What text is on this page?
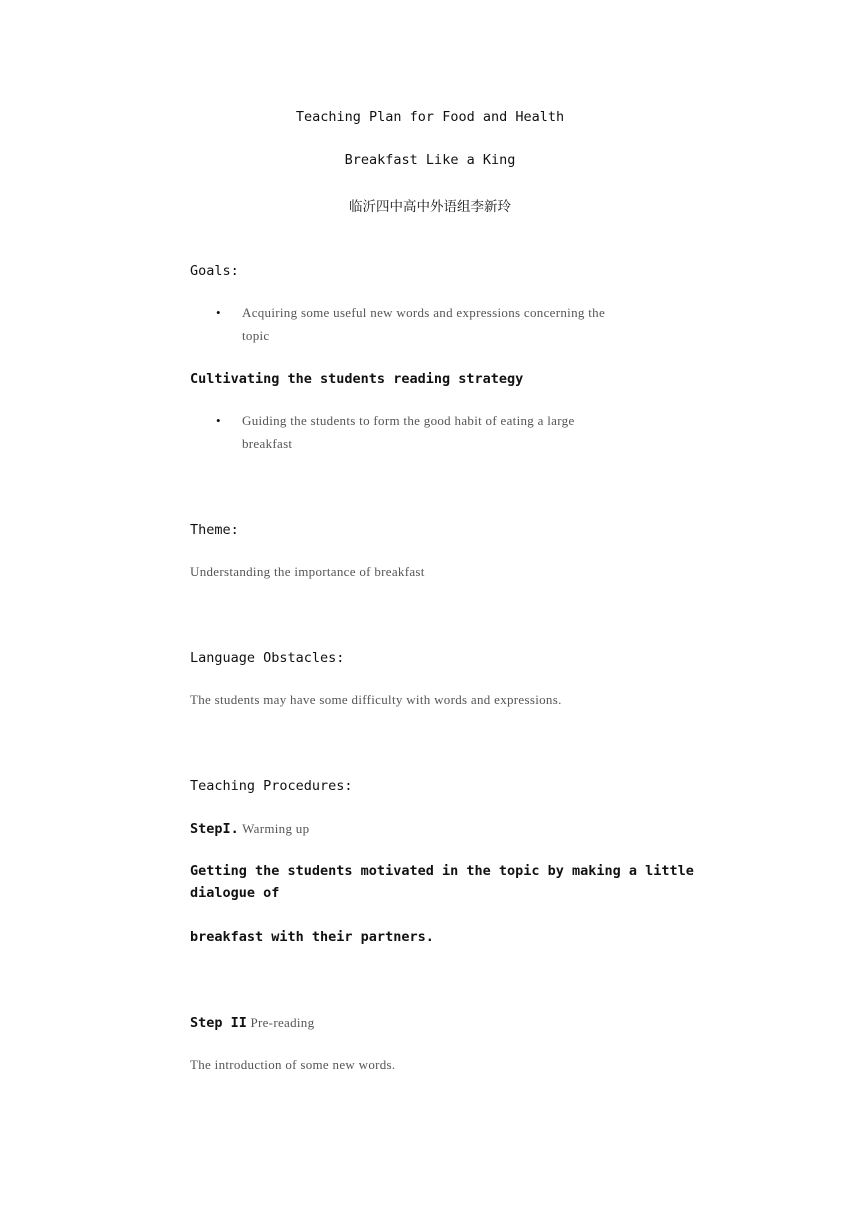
Teaching Plan for Food and Health
Breakfast Like a King
临沂四中高中外语组李新玲
Goals:
• Acquiring some useful new words and expressions concerning the
topic
Cultivating the students reading strategy
• Guiding the students to form the good habit of eating a large
breakfast
Theme:
Understanding the importance of breakfast
Language Obstacles:
The students may have some difficulty with words and expressions.
Teaching Procedures:
StepI. Warming up
Getting the students motivated in the topic by making a little
dialogue of
breakfast with their partners.
Step II Pre-reading
The introduction of some new words.
